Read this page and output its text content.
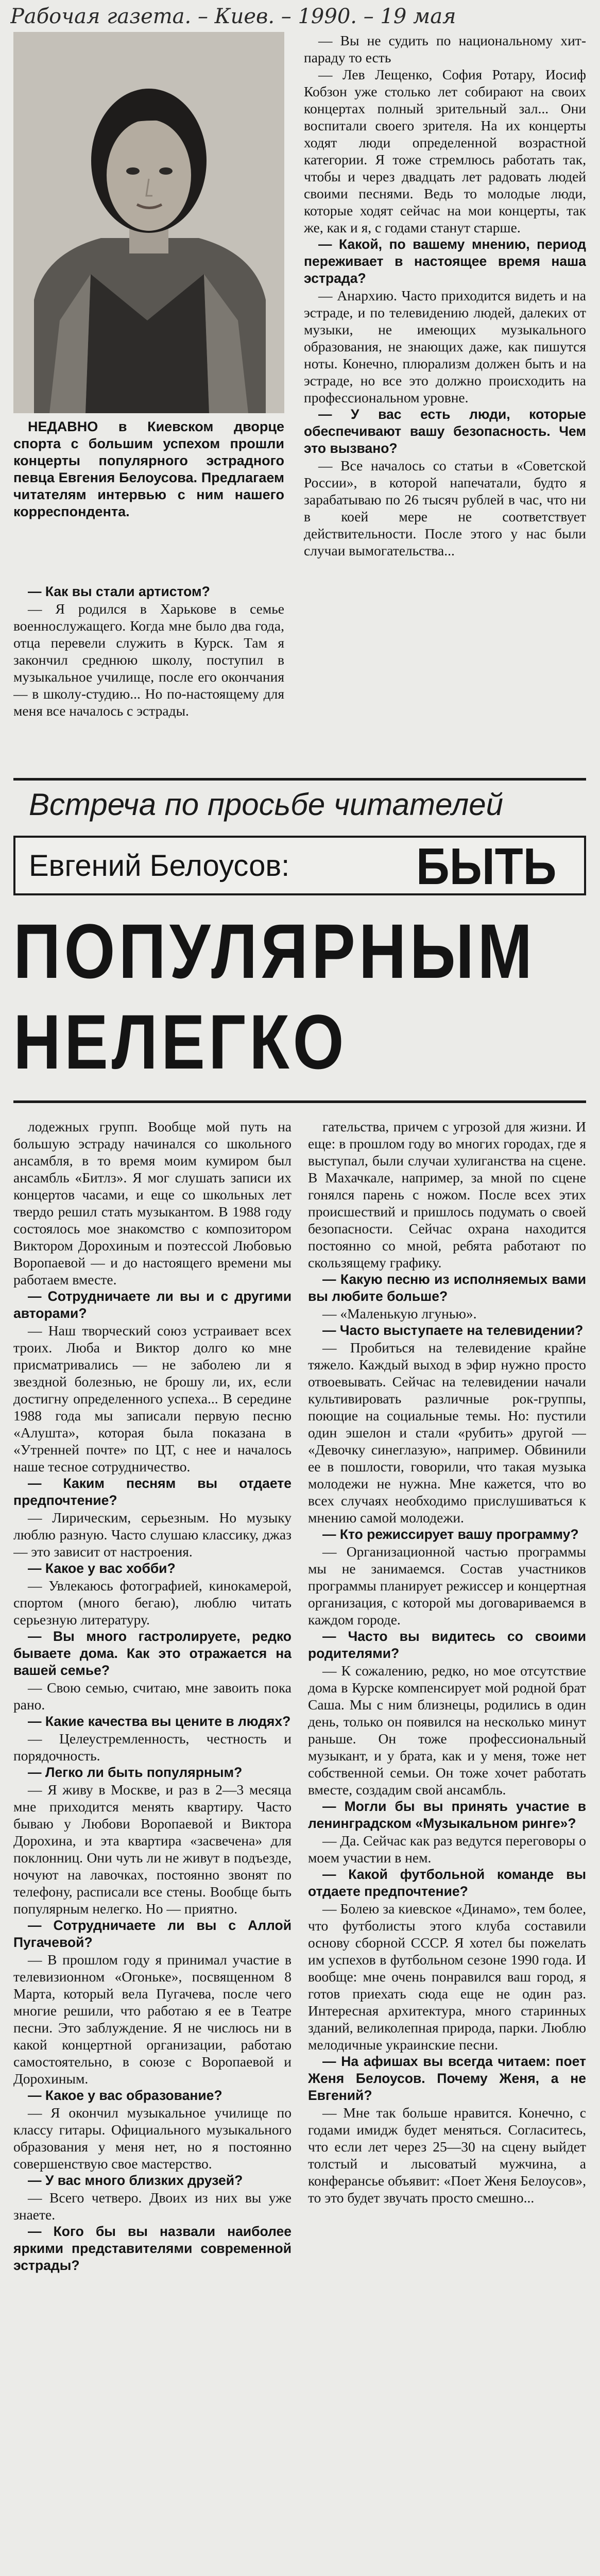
Рабочая газета. – Киев. – 1990. – 19 мая

НЕДАВНО в Киевском дворце спорта с большим успехом прошли концерты популярного эстрадного певца Евгения Белоусова. Предлагаем читателям интервью с ним нашего корреспондента.

— Как вы стали артистом?

— Я родился в Харькове в семье военнослужащего. Когда мне было два года, отца перевели служить в Курск. Там я закончил среднюю школу, поступил в музыкальное училище, после его окончания — в школу-студию... Но по-настоящему для меня все началось с эстрады.

— Вы не судить по национальному хит-параду то есть

— Лев Лещенко, София Ротару, Иосиф Кобзон уже столько лет собирают на своих концертах полный зрительный зал... Они воспитали своего зрителя. На их концерты ходят люди определенной возрастной категории. Я тоже стремлюсь работать так, чтобы и через двадцать лет радовать людей своими песнями. Ведь то молодые люди, которые ходят сейчас на мои концерты, так же, как и я, с годами станут старше.

— Какой, по вашему мнению, период переживает в настоящее время наша эстрада?

— Анархию. Часто приходится видеть и на эстраде, и по телевидению людей, далеких от музыки, не имеющих музыкального образования, не знающих даже, как пишутся ноты. Конечно, плюрализм должен быть и на эстраде, но все это должно происходить на профессиональном уровне.

— У вас есть люди, которые обеспечивают вашу безопасность. Чем это вызвано?

— Все началось со статьи в «Советской России», в которой напечатали, будто я зарабатываю по 26 тысяч рублей в час, что ни в коей мере не соответствует действительности. После этого у нас были случаи вымогательства...

Встреча по просьбе читателей
Евгений Белоусов: БЫТЬ
ПОПУЛЯРНЫМ
НЕЛЕГКО

лодежных групп. Вообще мой путь на большую эстраду начинался со школьного ансамбля, в то время моим кумиром был ансамбль «Битлз». Я мог слушать записи их концертов часами, и еще со школьных лет твердо решил стать музыкантом. В 1988 году состоялось мое знакомство с композитором Виктором Дорохиным и поэтессой Любовью Воропаевой — и до настоящего времени мы работаем вместе.

— Сотрудничаете ли вы и с другими авторами?

— Наш творческий союз устраивает всех троих. Люба и Виктор долго ко мне присматривались — не заболею ли я звездной болезнью, не брошу ли, их, если достигну определенного успеха... В середине 1988 года мы записали первую песню «Алушта», которая была показана в «Утренней почте» по ЦТ, с нее и началось наше тесное сотрудничество.

— Каким песням вы отдаете предпочтение?

— Лирическим, серьезным. Но музыку люблю разную. Часто слушаю классику, джаз — это зависит от настроения.

— Какое у вас хобби?

— Увлекаюсь фотографией, кинокамерой, спортом (много бегаю), люблю читать серьезную литературу.

— Вы много гастролируете, редко бываете дома. Как это отражается на вашей семье?

— Свою семью, считаю, мне завоить пока рано.

— Какие качества вы цените в людях?

— Целеустремленность, честность и порядочность.

— Легко ли быть популярным?

— Я живу в Москве, и раз в 2—3 месяца мне приходится менять квартиру. Часто бываю у Любови Воропаевой и Виктора Дорохина, и эта квартира «засвечена» для поклонниц. Они чуть ли не живут в подъезде, ночуют на лавочках, постоянно звонят по телефону, расписали все стены. Вообще быть популярным нелегко. Но — приятно.

— Сотрудничаете ли вы с Аллой Пугачевой?

— В прошлом году я принимал участие в телевизионном «Огоньке», посвященном 8 Марта, который вела Пугачева, после чего многие решили, что работаю я ее в Театре песни. Это заблуждение. Я не числюсь ни в какой концертной организации, работаю самостоятельно, в союзе с Воропаевой и Дорохиным.

— Какое у вас образование?

— Я окончил музыкальное училище по классу гитары. Официального музыкального образования у меня нет, но я постоянно совершенствую свое мастерство.

— У вас много близких друзей?

— Всего четверо. Двоих из них вы уже знаете.

— Кого бы вы назвали наиболее яркими представителями современной эстрады?

гательства, причем с угрозой для жизни. И еще: в прошлом году во многих городах, где я выступал, были случаи хулиганства на сцене. В Махачкале, например, за мной по сцене гонялся парень с ножом. После всех этих происшествий и пришлось подумать о своей безопасности. Сейчас охрана находится постоянно со мной, ребята работают по скользящему графику.

— Какую песню из исполняемых вами вы любите больше?

— «Маленькую лгунью».

— Часто выступаете на телевидении?

— Пробиться на телевидение крайне тяжело. Каждый выход в эфир нужно просто отвоевывать. Сейчас на телевидении начали культивировать различные рок-группы, поющие на социальные темы. Но: пустили один эшелон и стали «рубить» другой — «Девочку синеглазую», например. Обвинили ее в пошлости, говорили, что такая музыка молодежи не нужна. Мне кажется, что во всех случаях необходимо прислушиваться к мнению самой молодежи.

— Кто режиссирует вашу программу?

— Организационной частью программы мы не занимаемся. Состав участников программы планирует режиссер и концертная организация, с которой мы договариваемся в каждом городе.

— Часто вы видитесь со своими родителями?

— К сожалению, редко, но мое отсутствие дома в Курске компенсирует мой родной брат Саша. Мы с ним близнецы, родились в один день, только он появился на несколько минут раньше. Он тоже профессиональный музыкант, и у брата, как и у меня, тоже нет собственной семьи. Он тоже хочет работать вместе, создадим свой ансамбль.

— Могли бы вы принять участие в ленинградском «Музыкальном ринге»?

— Да. Сейчас как раз ведутся переговоры о моем участии в нем.

— Какой футбольной команде вы отдаете предпочтение?

— Болею за киевское «Динамо», тем более, что футболисты этого клуба составили основу сборной СССР. Я хотел бы пожелать им успехов в футбольном сезоне 1990 года. И вообще: мне очень понравился ваш город, я готов приехать сюда еще не один раз. Интересная архитектура, много старинных зданий, великолепная природа, парки. Люблю мелодичные украинские песни.

— На афишах вы всегда читаем: поет Женя Белоусов. Почему Женя, а не Евгений?

— Мне так больше нравится. Конечно, с годами имидж будет меняться. Согласитесь, что если лет через 25—30 на сцену выйдет толстый и лысоватый мужчина, а конферансье объявит: «Поет Женя Белоусов», то это будет звучать просто смешно...
